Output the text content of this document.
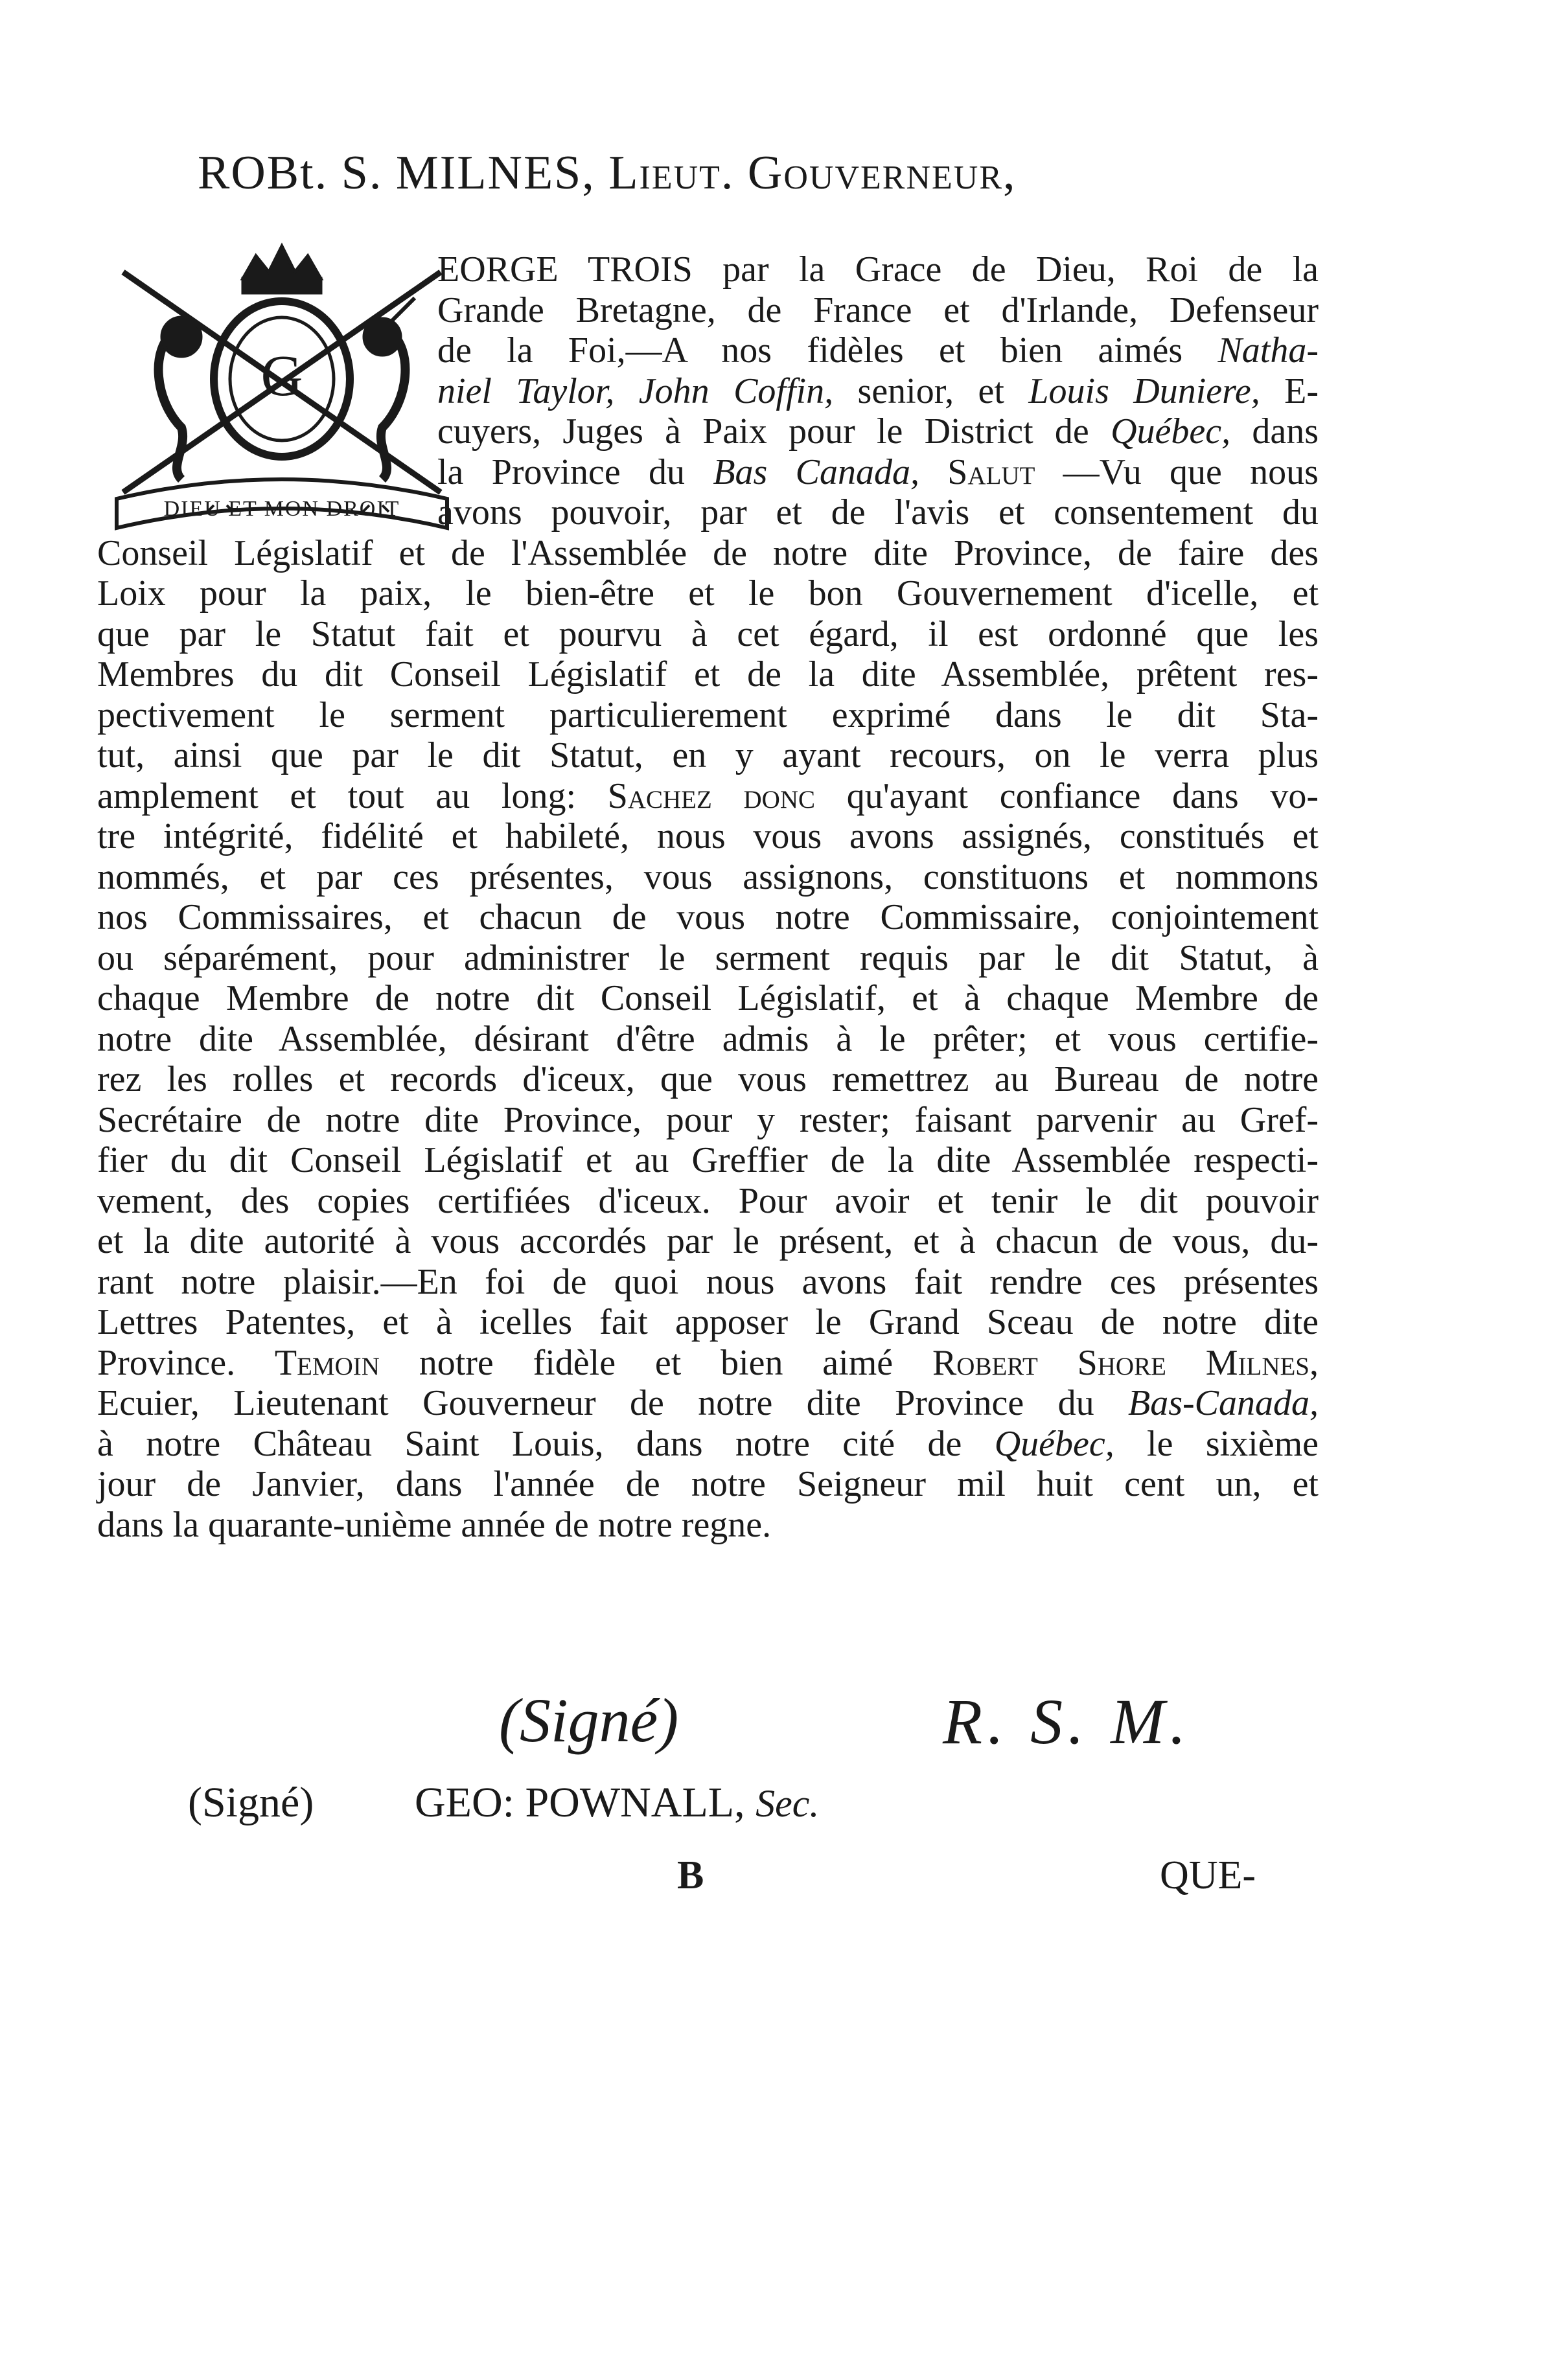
ROBt. S. MILNES, Lieut. Gouverneur,
G
DIEU ET MON DROIT
EORGE TROIS par la Grace de Dieu, Roi de la
Grande Bretagne, de France et d'Irlande, Defenseur
de la Foi,—A nos fidèles et bien aimés Natha-
niel Taylor, John Coffin, senior, et Louis Duniere, E-
cuyers, Juges à Paix pour le District de Québec, dans
la Province du Bas Canada, Salut —Vu que nous
avons pouvoir, par et de l'avis et consentement du
Conseil Législatif et de l'Assemblée de notre dite Province, de faire des
Loix pour la paix, le bien-être et le bon Gouvernement d'icelle, et
que par le Statut fait et pourvu à cet égard, il est ordonné que les
Membres du dit Conseil Législatif et de la dite Assemblée, prêtent res-
pectivement le serment particulierement exprimé dans le dit Sta-
tut, ainsi que par le dit Statut, en y ayant recours, on le verra plus
amplement et tout au long: Sachez donc qu'ayant confiance dans vo-
tre intégrité, fidélité et habileté, nous vous avons assignés, constitués et
nommés, et par ces présentes, vous assignons, constituons et nommons
nos Commissaires, et chacun de vous notre Commissaire, conjointement
ou séparément, pour administrer le serment requis par le dit Statut, à
chaque Membre de notre dit Conseil Législatif, et à chaque Membre de
notre dite Assemblée, désirant d'être admis à le prêter; et vous certifie-
rez les rolles et records d'iceux, que vous remettrez au Bureau de notre
Secrétaire de notre dite Province, pour y rester; faisant parvenir au Gref-
fier du dit Conseil Législatif et au Greffier de la dite Assemblée respecti-
vement, des copies certifiées d'iceux. Pour avoir et tenir le dit pouvoir
et la dite autorité à vous accordés par le présent, et à chacun de vous, du-
rant notre plaisir.—En foi de quoi nous avons fait rendre ces présentes
Lettres Patentes, et à icelles fait apposer le Grand Sceau de notre dite
Province. Temoin notre fidèle et bien aimé Robert Shore Milnes,
Ecuier, Lieutenant Gouverneur de notre dite Province du Bas-Canada,
à notre Château Saint Louis, dans notre cité de Québec, le sixième
jour de Janvier, dans l'année de notre Seigneur mil huit cent un, et
dans la quarante-unième année de notre regne.
(Signé)	R. S. M.
(Signé) GEO: POWNALL, Sec.
B	QUE-
